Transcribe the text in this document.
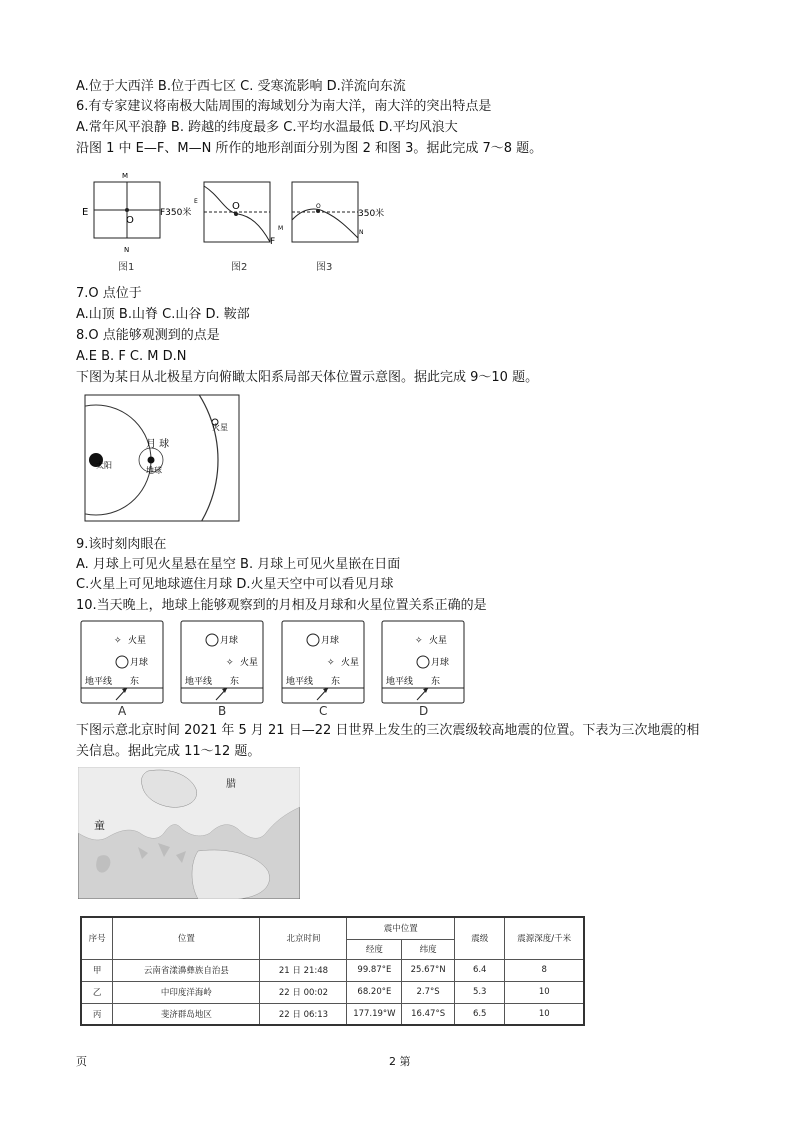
A.位于大西洋 B.位于西七区 C. 受寒流影响 D.洋流向东流
6.有专家建议将南极大陆周围的海域划分为南大洋，南大洋的突出特点是
A.常年风平浪静 B. 跨越的纬度最多 C.平均水温最低 D.平均风浪大
沿图 1 中 E—F、M—N 所作的地形剖面分别为图 2 和图 3。据此完成 7～8 题。
M
N
E
O
F350米
E	O
M
F
O
350米
N
图1	图2	图3
7.O 点位于
A.山顶 B.山脊 C.山谷 D. 鞍部
8.O 点能够观测到的点是
A.E B. F C. M D.N
下图为某日从北极星方向俯瞰太阳系局部天体位置示意图。据此完成 9～10 题。
太阳
地球
月 球
火星
9.该时刻肉眼在
A. 月球上可见火星悬在星空 B. 月球上可见火星嵌在日面
C.火星上可见地球遮住月球 D.火星天空中可以看见月球
10.当天晚上，地球上能够观察到的月相及月球和火星位置关系正确的是
✧ 火星
月球
地平线 东
A
✧
月球
火星
地平线 东
B
✧
月球
火星
地平线 东
C
✧ 火星
月球
地平线 东
D
下图示意北京时间 2021 年 5 月 21 日—22 日世界上发生的三次震级较高地震的位置。下表为三次地震的相
关信息。据此完成 11～12 题。
腊
童
序号	位置	北京时间	震中位置		震级	震源深度/千米
			经度	纬度		
甲	云南省漾濞彝族自治县	21 日 21:48	99.87°E	25.67°N	6.4	8
乙	中印度洋海岭	22 日 00:02	68.20°E	2.7°S	5.3	10
丙	斐济群岛地区	22 日 06:13	177.19°W	16.47°S	6.5	10
页	2 第
